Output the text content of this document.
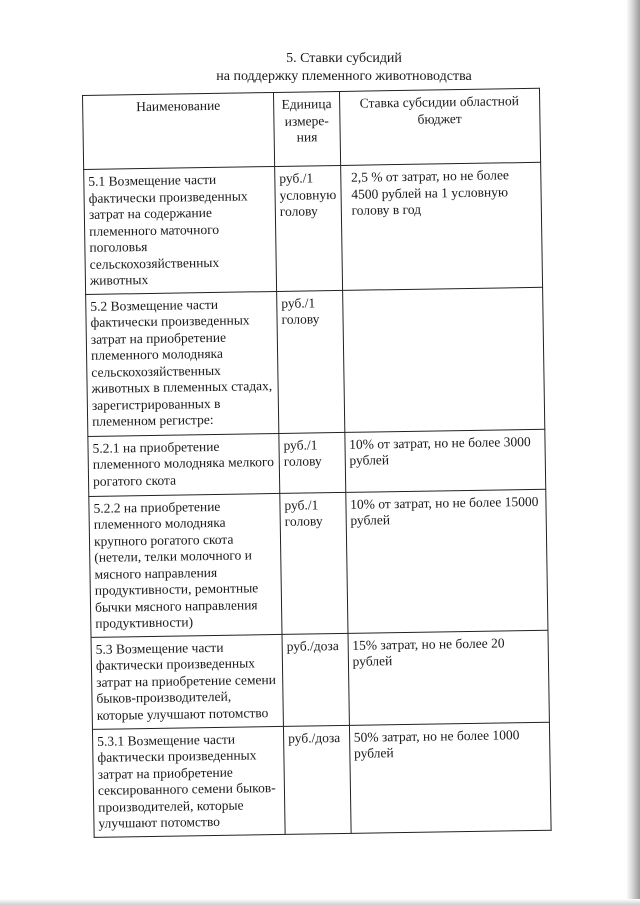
5. Ставки субсидий
на поддержку племенного животноводства
Наименование	Единица измере-ния	Ставка субсидии областной бюджет
5.1 Возмещение части фактически произведенных затрат на содержание племенного маточного поголовья сельскохозяйственных животных	руб./1 условную голову	2,5 % от затрат, но не более 4500 рублей на 1 условную голову в год
5.2 Возмещение части фактически произведенных затрат на приобретение племенного молодняка сельскохозяйственных животных в племенных стадах, зарегистрированных в племенном регистре:	руб./1 голову	
5.2.1 на приобретение племенного молодняка мелкого рогатого скота	руб./1 голову	10% от затрат, но не более 3000 рублей
5.2.2 на приобретение племенного молодняка крупного рогатого скота (нетели, телки молочного и мясного направления продуктивности, ремонтные бычки мясного направления продуктивности)	руб./1 голову	10% от затрат, но не более 15000 рублей
5.3 Возмещение части фактически произведенных затрат на приобретение семени быков-производителей, которые улучшают потомство	руб./доза	15% затрат, но не более 20 рублей
5.3.1 Возмещение части фактически произведенных затрат на приобретение сексированного семени быков-производителей, которые улучшают потомство	руб./доза	50% затрат, но не более 1000 рублей
